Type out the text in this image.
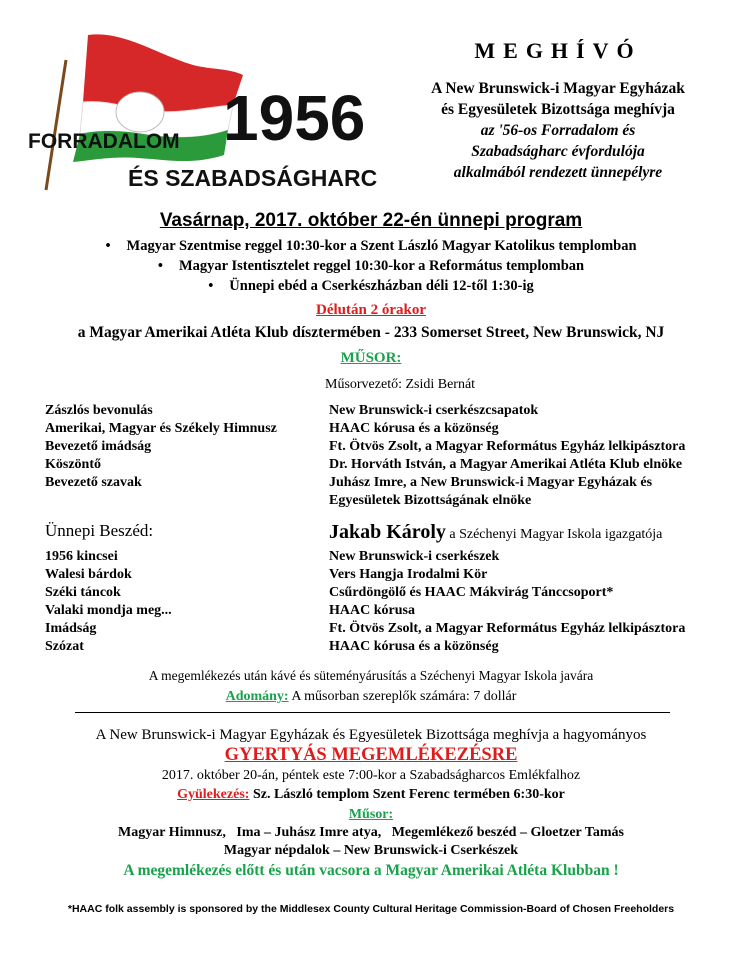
1956
FORRADALOM
ÉS SZABADSÁGHARC
MEGHÍVÓ
A New Brunswick-i Magyar Egyházak
és Egyesületek Bizottsága meghívja
az '56-os Forradalom és
Szabadságharc évfordulója
alkalmából rendezett ünnepélyre
Vasárnap, 2017. október 22-én ünnepi program
• Magyar Szentmise reggel 10:30-kor a Szent László Magyar Katolikus templomban
• Magyar Istentisztelet reggel 10:30-kor a Református templomban
• Ünnepi ebéd a Cserkészházban déli 12-től 1:30-ig
Délután 2 órakor
a Magyar Amerikai Atléta Klub dísztermében - 233 Somerset Street, New Brunswick, NJ
MŰSOR:
Műsorvezető: Zsidi Bernát
Zászlós bevonulás	New Brunswick-i cserkészcsapatok
Amerikai, Magyar és Székely Himnusz	HAAC kórusa és a közönség
Bevezető imádság	Ft. Ötvös Zsolt, a Magyar Református Egyház lelkipásztora
Köszöntő	Dr. Horváth István, a Magyar Amerikai Atléta Klub elnöke
Bevezető szavak	Juhász Imre, a New Brunswick-i Magyar Egyházak és
Egyesületek Bizottságának elnöke
Ünnepi Beszéd:	Jakab Károly a Széchenyi Magyar Iskola igazgatója
1956 kincsei	New Brunswick-i cserkészek
Walesi bárdok	Vers Hangja Irodalmi Kör
Széki táncok	Csűrdöngölő és HAAC Mákvirág Tánccsoport*
Valaki mondja meg...	HAAC kórusa
Imádság	Ft. Ötvös Zsolt, a Magyar Református Egyház lelkipásztora
Szózat	HAAC kórusa és a közönség
A megemlékezés után kávé és süteményárusítás a Széchenyi Magyar Iskola javára
Adomány: A műsorban szereplők számára: 7 dollár
A New Brunswick-i Magyar Egyházak és Egyesületek Bizottsága meghívja a hagyományos
GYERTYÁS MEGEMLÉKEZÉSRE
2017. október 20-án, péntek este 7:00-kor a Szabadságharcos Emlékfalhoz
Gyülekezés: Sz. László templom Szent Ferenc termében 6:30-kor
Műsor:
Magyar Himnusz,   Ima – Juhász Imre atya,   Megemlékező beszéd – Gloetzer Tamás
Magyar népdalok – New Brunswick-i Cserkészek
A megemlékezés előtt és után vacsora a Magyar Amerikai Atléta Klubban !
*HAAC folk assembly is sponsored by the Middlesex County Cultural Heritage Commission-Board of Chosen Freeholders
